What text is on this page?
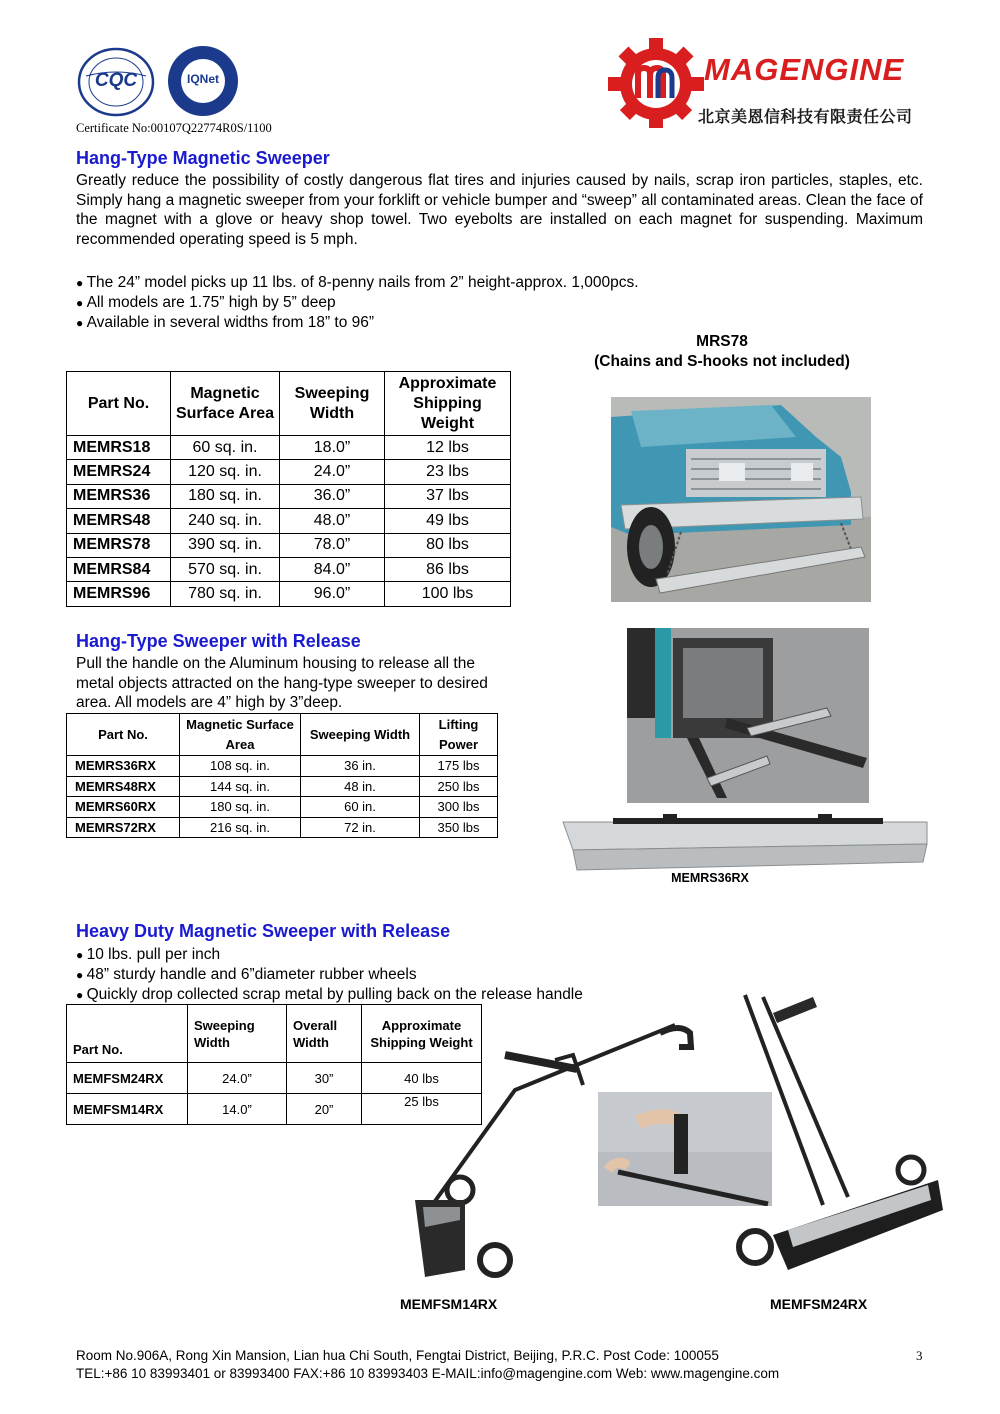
CQC	IQNet
Certificate No:00107Q22774R0S/1100
MAGENGINE
北京美恩信科技有限责任公司
Hang-Type Magnetic Sweeper
Greatly reduce the possibility of costly dangerous flat tires and injuries caused by nails, scrap iron particles, staples, etc. Simply hang a magnetic sweeper from your forklift or vehicle bumper and “sweep” all contaminated areas. Clean the face of the magnet with a glove or heavy shop towel. Two eyebolts are installed on each magnet for suspending. Maximum recommended operating speed is 5 mph.
● The 24” model picks up 11 lbs. of 8-penny nails from 2” height-approx. 1,000pcs.
● All models are 1.75” high by 5” deep
● Available in several widths from 18” to 96”
MRS78
(Chains and S-hooks not included)
Part No.	Magnetic Surface Area	Sweeping Width	Approximate Shipping Weight
MEMRS18	60 sq. in.	18.0”	12 lbs
MEMRS24	120 sq. in.	24.0”	23 lbs
MEMRS36	180 sq. in.	36.0”	37 lbs
MEMRS48	240 sq. in.	48.0”	49 lbs
MEMRS78	390 sq. in.	78.0”	80 lbs
MEMRS84	570 sq. in.	84.0”	86 lbs
MEMRS96	780 sq. in.	96.0”	100 lbs
Hang-Type Sweeper with Release
Pull the handle on the Aluminum housing to release all the metal objects attracted on the hang-type sweeper to desired area. All models are 4” high by 3”deep.
Part No.	Magnetic Surface Area	Sweeping Width	Lifting Power
MEMRS36RX	108 sq. in.	36 in.	175 lbs
MEMRS48RX	144 sq. in.	48 in.	250 lbs
MEMRS60RX	180 sq. in.	60 in.	300 lbs
MEMRS72RX	216 sq. in.	72 in.	350 lbs
MEMRS36RX
Heavy Duty Magnetic Sweeper with Release
● 10 lbs. pull per inch
● 48” sturdy handle and 6”diameter rubber wheels
● Quickly drop collected scrap metal by pulling back on the release handle
Part No.	Sweeping Width	Overall Width	Approximate Shipping Weight
MEMFSM24RX	24.0”	30”	40 lbs
MEMFSM14RX	14.0”	20”	25 lbs
MEMFSM14RX	MEMFSM24RX
Room No.906A, Rong Xin Mansion, Lian hua Chi South, Fengtai District, Beijing, P.R.C. Post Code: 100055
TEL:+86 10 83993401 or 83993400 FAX:+86 10 83993403 E-MAIL:info@magengine.com Web: www.magengine.com
3
